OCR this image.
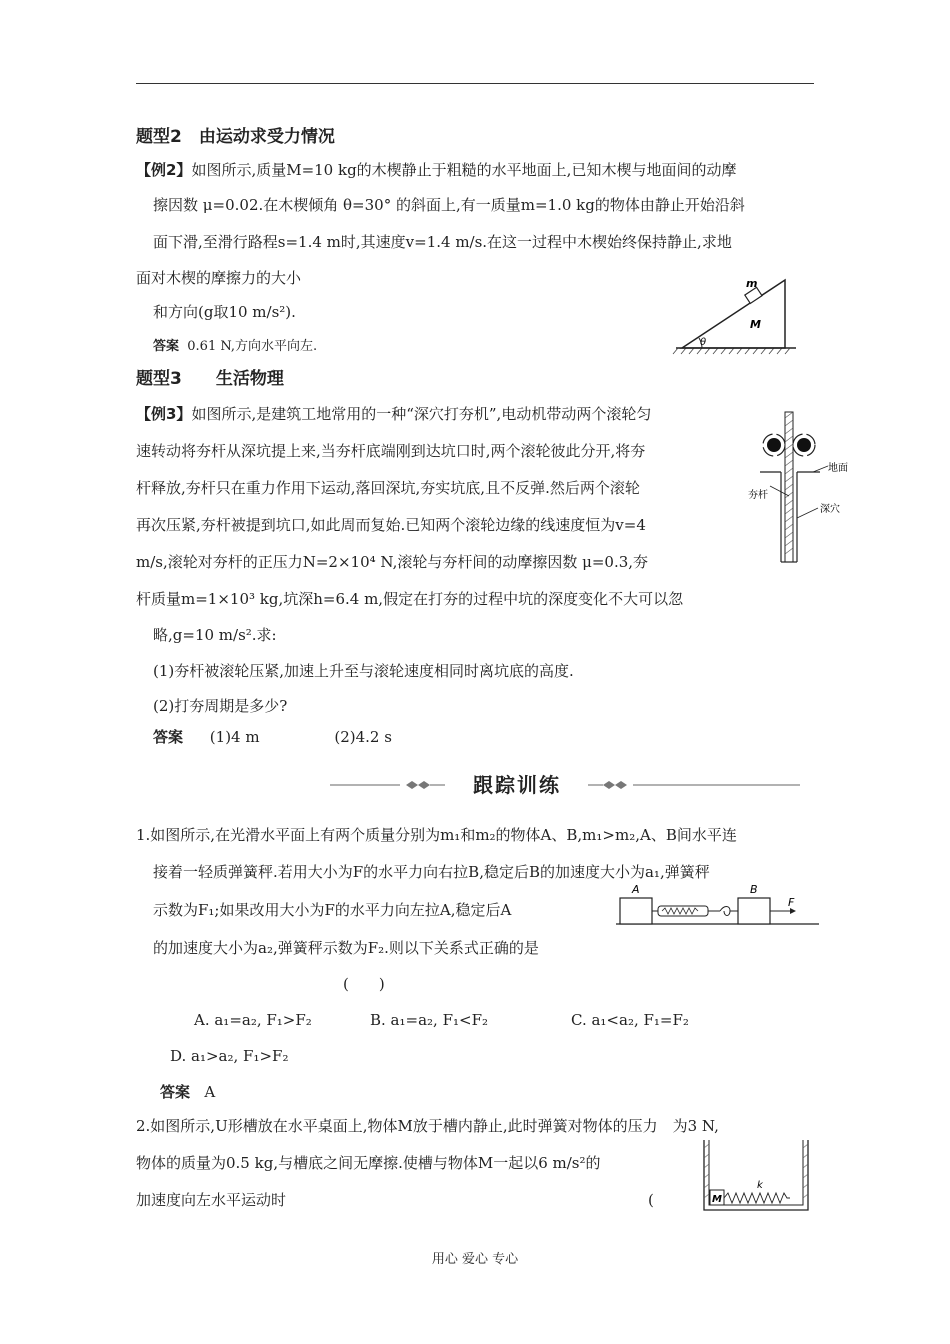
题型2　由运动求受力情况
【例2】如图所示,质量M=10 kg的木楔静止于粗糙的水平地面上,已知木楔与地面间的动摩
擦因数 μ=0.02.在木楔倾角 θ=30° 的斜面上,有一质量m=1.0 kg的物体由静止开始沿斜
面下滑,至滑行路程s=1.4 m时,其速度v=1.4 m/s.在这一过程中木楔始终保持静止,求地
面对木楔的摩擦力的大小
和方向(g取10 m/s²).
答案 0.61 N,方向水平向左.
m
M
θ
题型3　　生活物理
【例3】如图所示,是建筑工地常用的一种“深穴打夯机”,电动机带动两个滚轮匀
速转动将夯杆从深坑提上来,当夯杆底端刚到达坑口时,两个滚轮彼此分开,将夯
杆释放,夯杆只在重力作用下运动,落回深坑,夯实坑底,且不反弹.然后两个滚轮
再次压紧,夯杆被提到坑口,如此周而复始.已知两个滚轮边缘的线速度恒为v=4
m/s,滚轮对夯杆的正压力N=2×10⁴ N,滚轮与夯杆间的动摩擦因数 μ=0.3,夯
杆质量m=1×10³ kg,坑深h=6.4 m,假定在打夯的过程中坑的深度变化不大可以忽
略,g=10 m/s².求:
(1)夯杆被滚轮压紧,加速上升至与滚轮速度相同时离坑底的高度.
(2)打夯周期是多少?
答案 (1)4 m	(2)4.2 s
地面
夯杆
深穴
跟踪训练
1.如图所示,在光滑水平面上有两个质量分别为m₁和m₂的物体A、B,m₁>m₂,A、B间水平连
接着一轻质弹簧秤.若用大小为F的水平力向右拉B,稳定后B的加速度大小为a₁,弹簧秤
示数为F₁;如果改用大小为F的水平力向左拉A,稳定后A
的加速度大小为a₂,弹簧秤示数为F₂.则以下关系式正确的是
(　　)
A. a₁=a₂, F₁>F₂	B. a₁=a₂, F₁<F₂	C. a₁<a₂, F₁=F₂
D. a₁>a₂, F₁>F₂
答案 A
A	B
F
2.如图所示,U形槽放在水平桌面上,物体M放于槽内静止,此时弹簧对物体的压力　为3 N,
物体的质量为0.5 kg,与槽底之间无摩擦.使槽与物体M一起以6 m/s²的
加速度向左水平运动时	(	M
k
用心 爱心 专心
